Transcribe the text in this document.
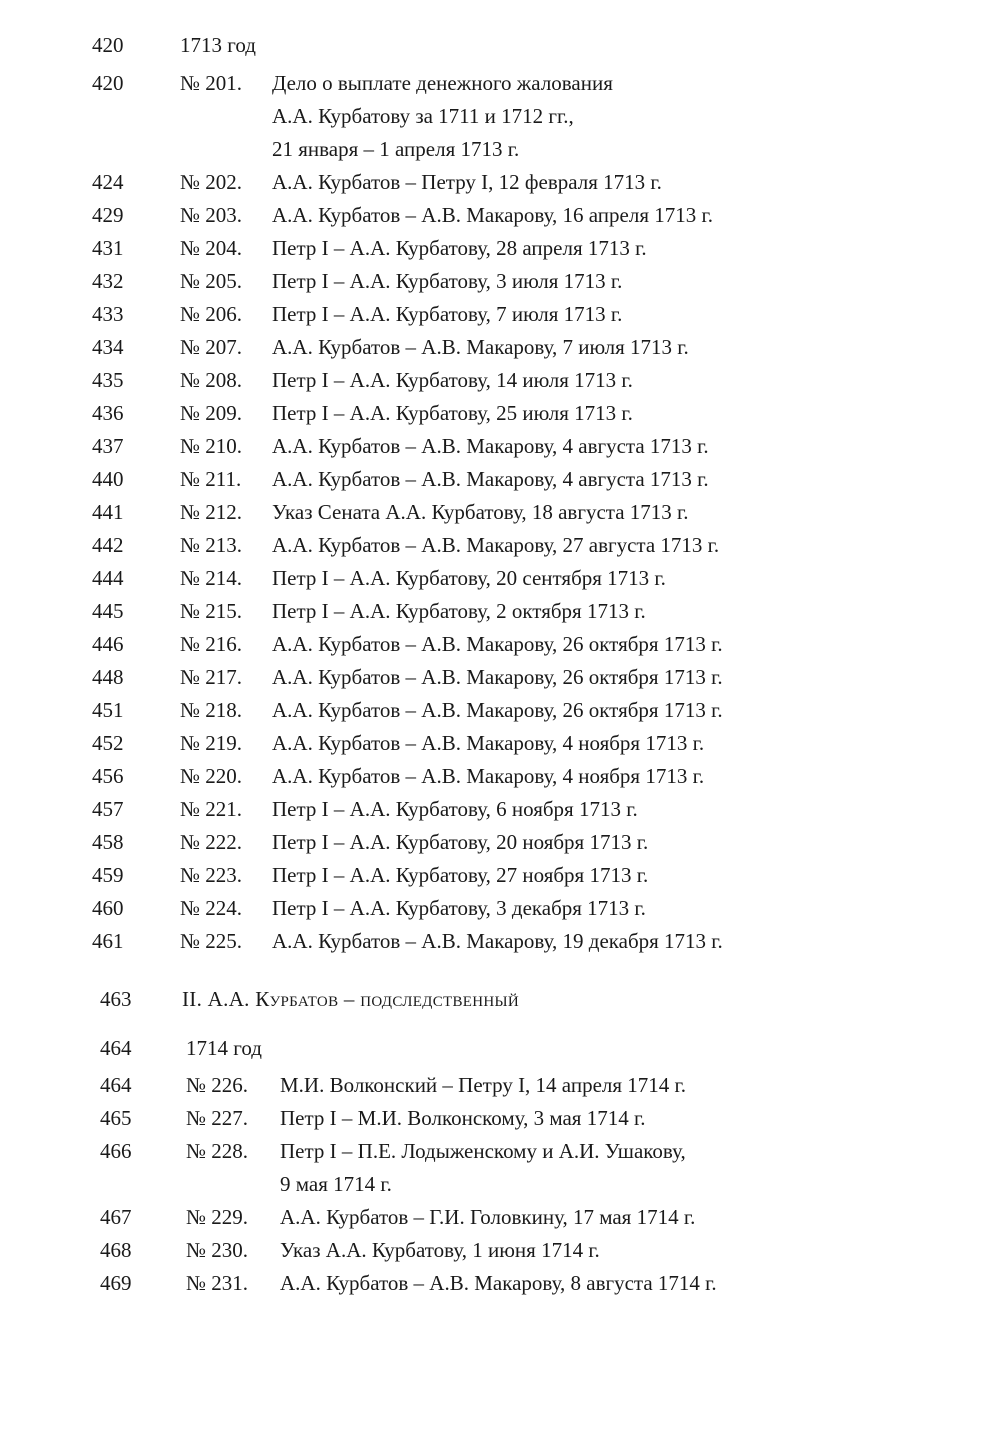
420	1713 год
420	№ 201.	Дело о выплате денежного жалования
А.А. Курбатову за 1711 и 1712 гг.,
21 января – 1 апреля 1713 г.
424	№ 202.	А.А. Курбатов – Петру I, 12 февраля 1713 г.
429	№ 203.	А.А. Курбатов – А.В. Макарову, 16 апреля 1713 г.
431	№ 204.	Петр I – А.А. Курбатову, 28 апреля 1713 г.
432	№ 205.	Петр I – А.А. Курбатову, 3 июля 1713 г.
433	№ 206.	Петр I – А.А. Курбатову, 7 июля 1713 г.
434	№ 207.	А.А. Курбатов – А.В. Макарову, 7 июля 1713 г.
435	№ 208.	Петр I – А.А. Курбатову, 14 июля 1713 г.
436	№ 209.	Петр I – А.А. Курбатову, 25 июля 1713 г.
437	№ 210.	А.А. Курбатов – А.В. Макарову, 4 августа 1713 г.
440	№ 211.	А.А. Курбатов – А.В. Макарову, 4 августа 1713 г.
441	№ 212.	Указ Сената А.А. Курбатову, 18 августа 1713 г.
442	№ 213.	А.А. Курбатов – А.В. Макарову, 27 августа 1713 г.
444	№ 214.	Петр I – А.А. Курбатову, 20 сентября 1713 г.
445	№ 215.	Петр I – А.А. Курбатову, 2 октября 1713 г.
446	№ 216.	А.А. Курбатов – А.В. Макарову, 26 октября 1713 г.
448	№ 217.	А.А. Курбатов – А.В. Макарову, 26 октября 1713 г.
451	№ 218.	А.А. Курбатов – А.В. Макарову, 26 октября 1713 г.
452	№ 219.	А.А. Курбатов – А.В. Макарову, 4 ноября 1713 г.
456	№ 220.	А.А. Курбатов – А.В. Макарову, 4 ноября 1713 г.
457	№ 221.	Петр I – А.А. Курбатову, 6 ноября 1713 г.
458	№ 222.	Петр I – А.А. Курбатову, 20 ноября 1713 г.
459	№ 223.	Петр I – А.А. Курбатову, 27 ноября 1713 г.
460	№ 224.	Петр I – А.А. Курбатову, 3 декабря 1713 г.
461	№ 225.	А.А. Курбатов – А.В. Макарову, 19 декабря 1713 г.
463	II. А.А. Курбатов – подследственный
464	1714 год
464	№ 226.	М.И. Волконский – Петру I, 14 апреля 1714 г.
465	№ 227.	Петр I – М.И. Волконскому, 3 мая 1714 г.
466	№ 228.	Петр I – П.Е. Лодыженскому и А.И. Ушакову,
9 мая 1714 г.
467	№ 229.	А.А. Курбатов – Г.И. Головкину, 17 мая 1714 г.
468	№ 230.	Указ А.А. Курбатову, 1 июня 1714 г.
469	№ 231.	А.А. Курбатов – А.В. Макарову, 8 августа 1714 г.
